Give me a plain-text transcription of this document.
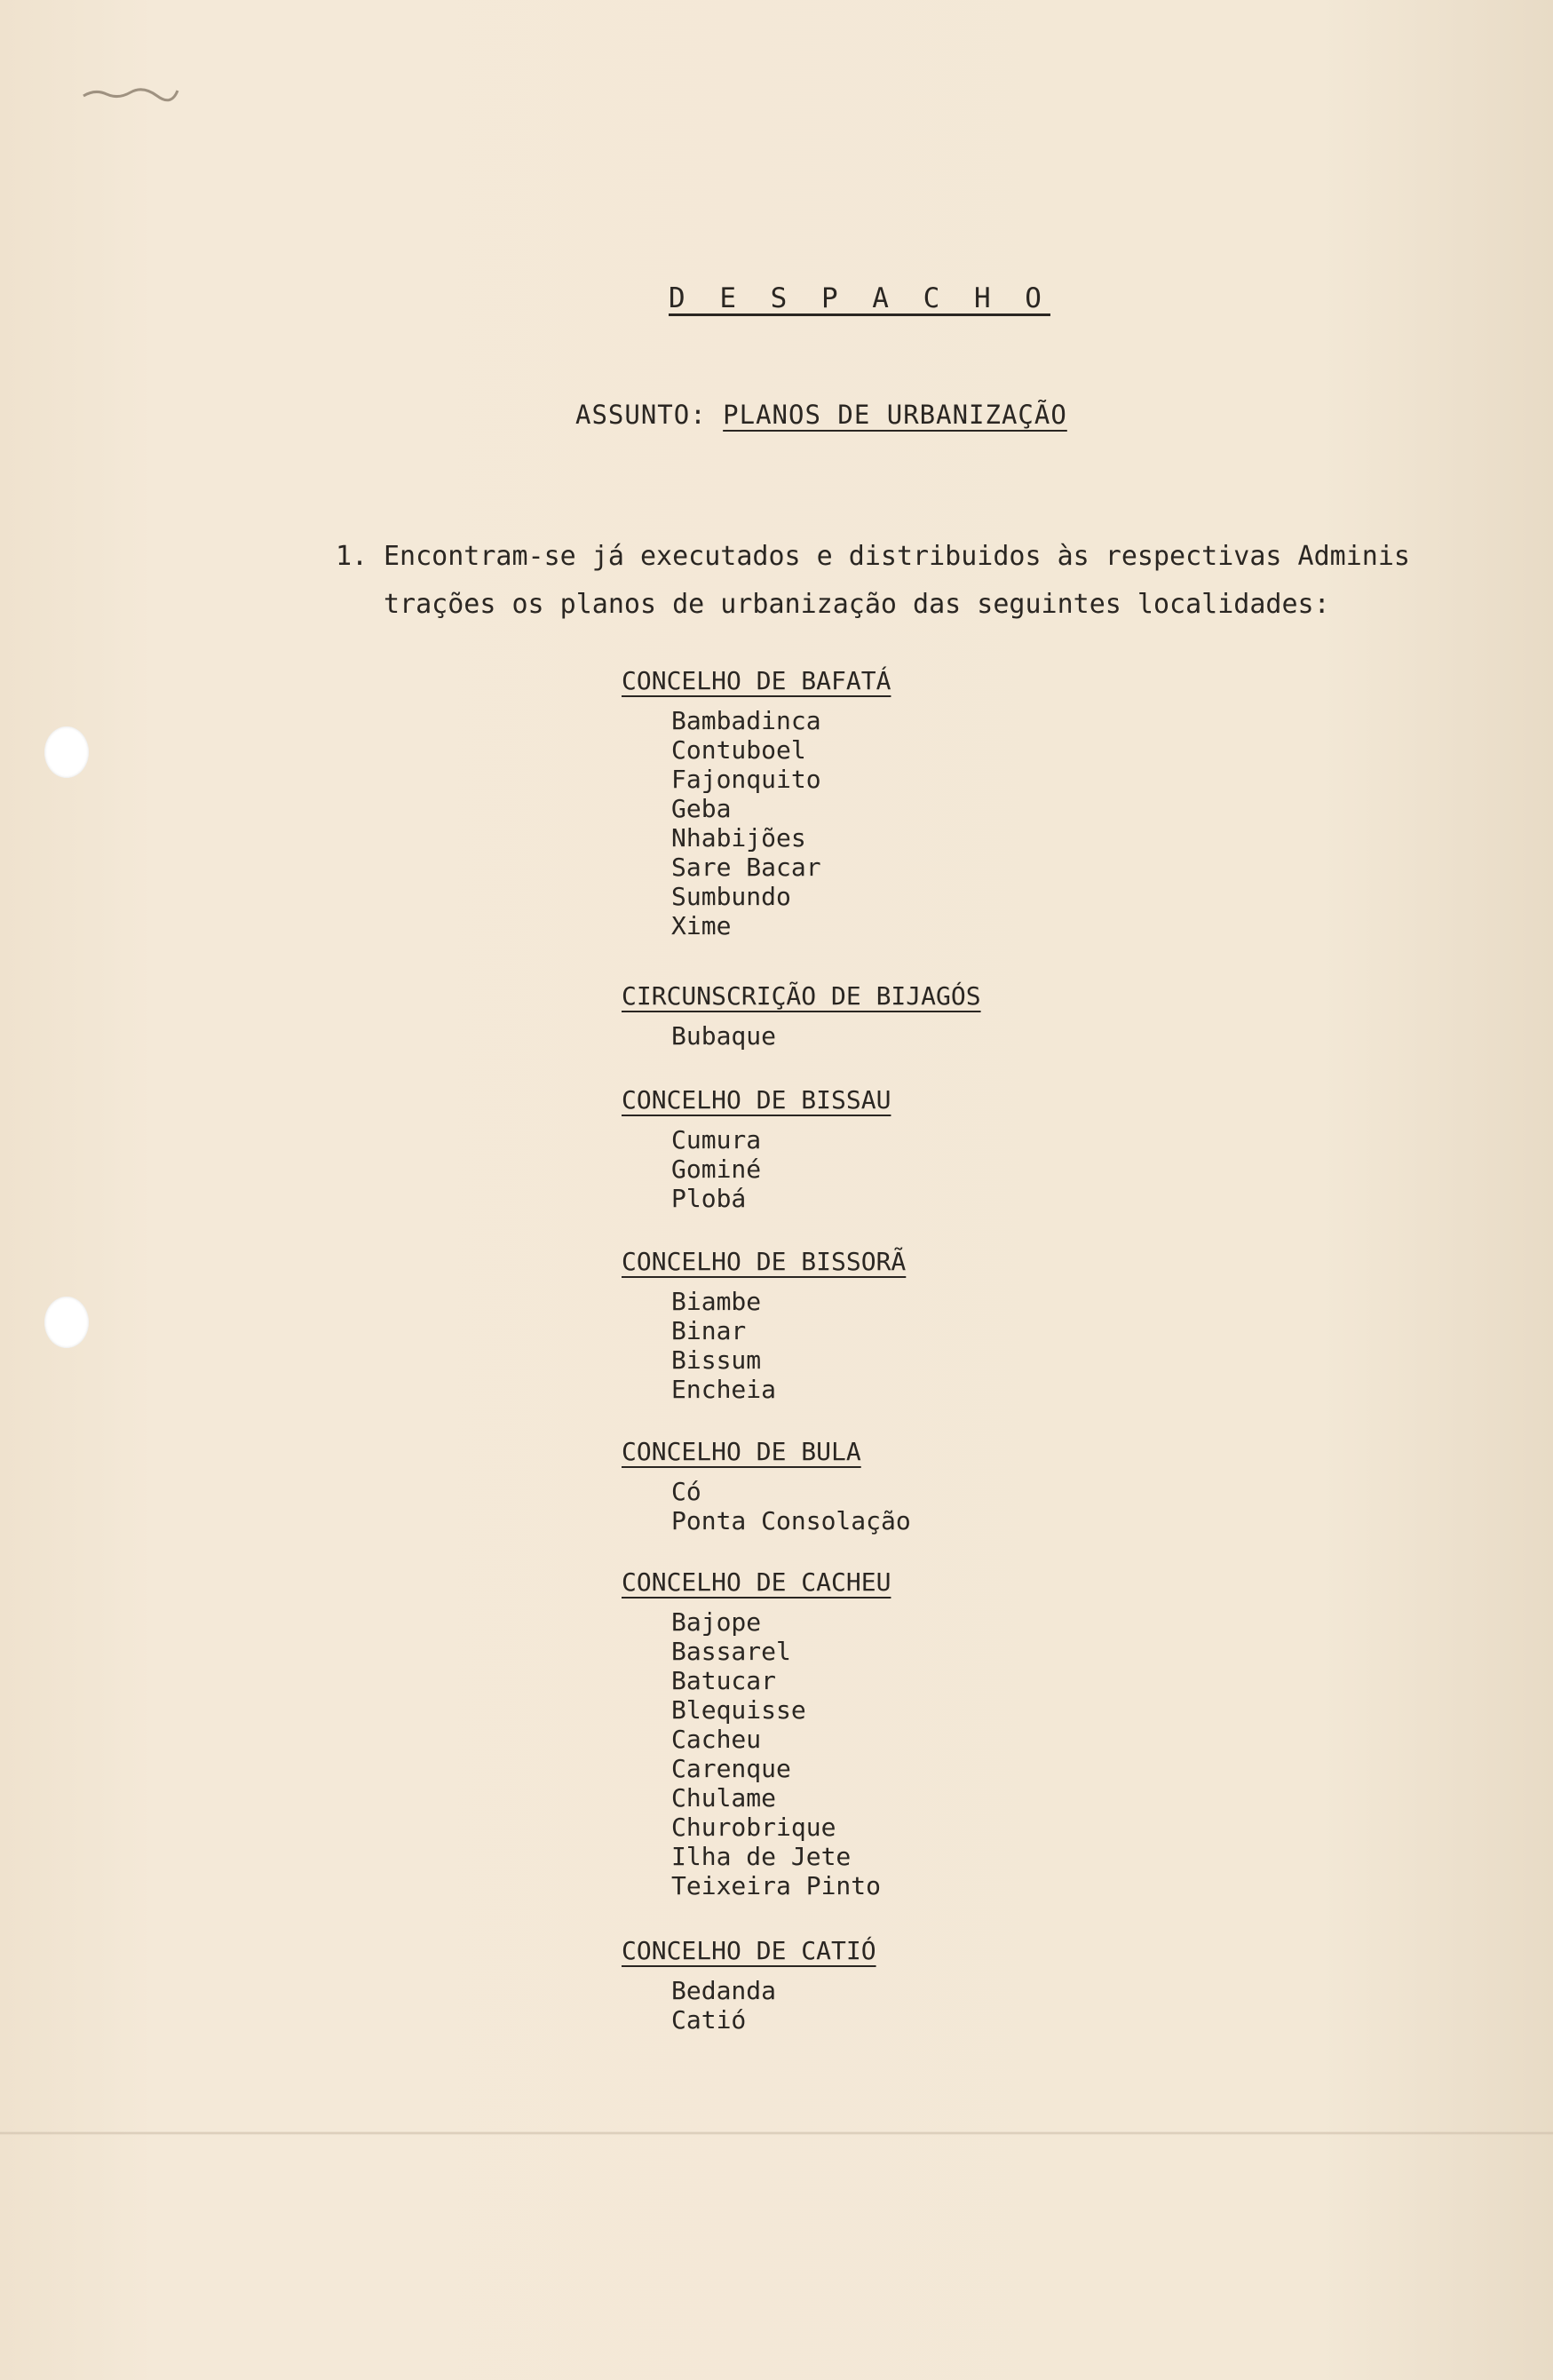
D E S P A C H O
ASSUNTO: PLANOS DE URBANIZAÇÃO
1. Encontram-se já executados e distribuidos às respectivas Adminis
trações os planos de urbanização das seguintes localidades:
CONCELHO DE BAFATÁ
Bambadinca
Contuboel
Fajonquito
Geba
Nhabijões
Sare Bacar
Sumbundo
Xime
CIRCUNSCRIÇÃO DE BIJAGÓS
Bubaque
CONCELHO DE BISSAU
Cumura
Gominé
Plobá
CONCELHO DE BISSORÃ
Biambe
Binar
Bissum
Encheia
CONCELHO DE BULA
Có
Ponta Consolação
CONCELHO DE CACHEU
Bajope
Bassarel
Batucar
Blequisse
Cacheu
Carenque
Chulame
Churobrique
Ilha de Jete
Teixeira Pinto
CONCELHO DE CATIÓ
Bedanda
Catió
